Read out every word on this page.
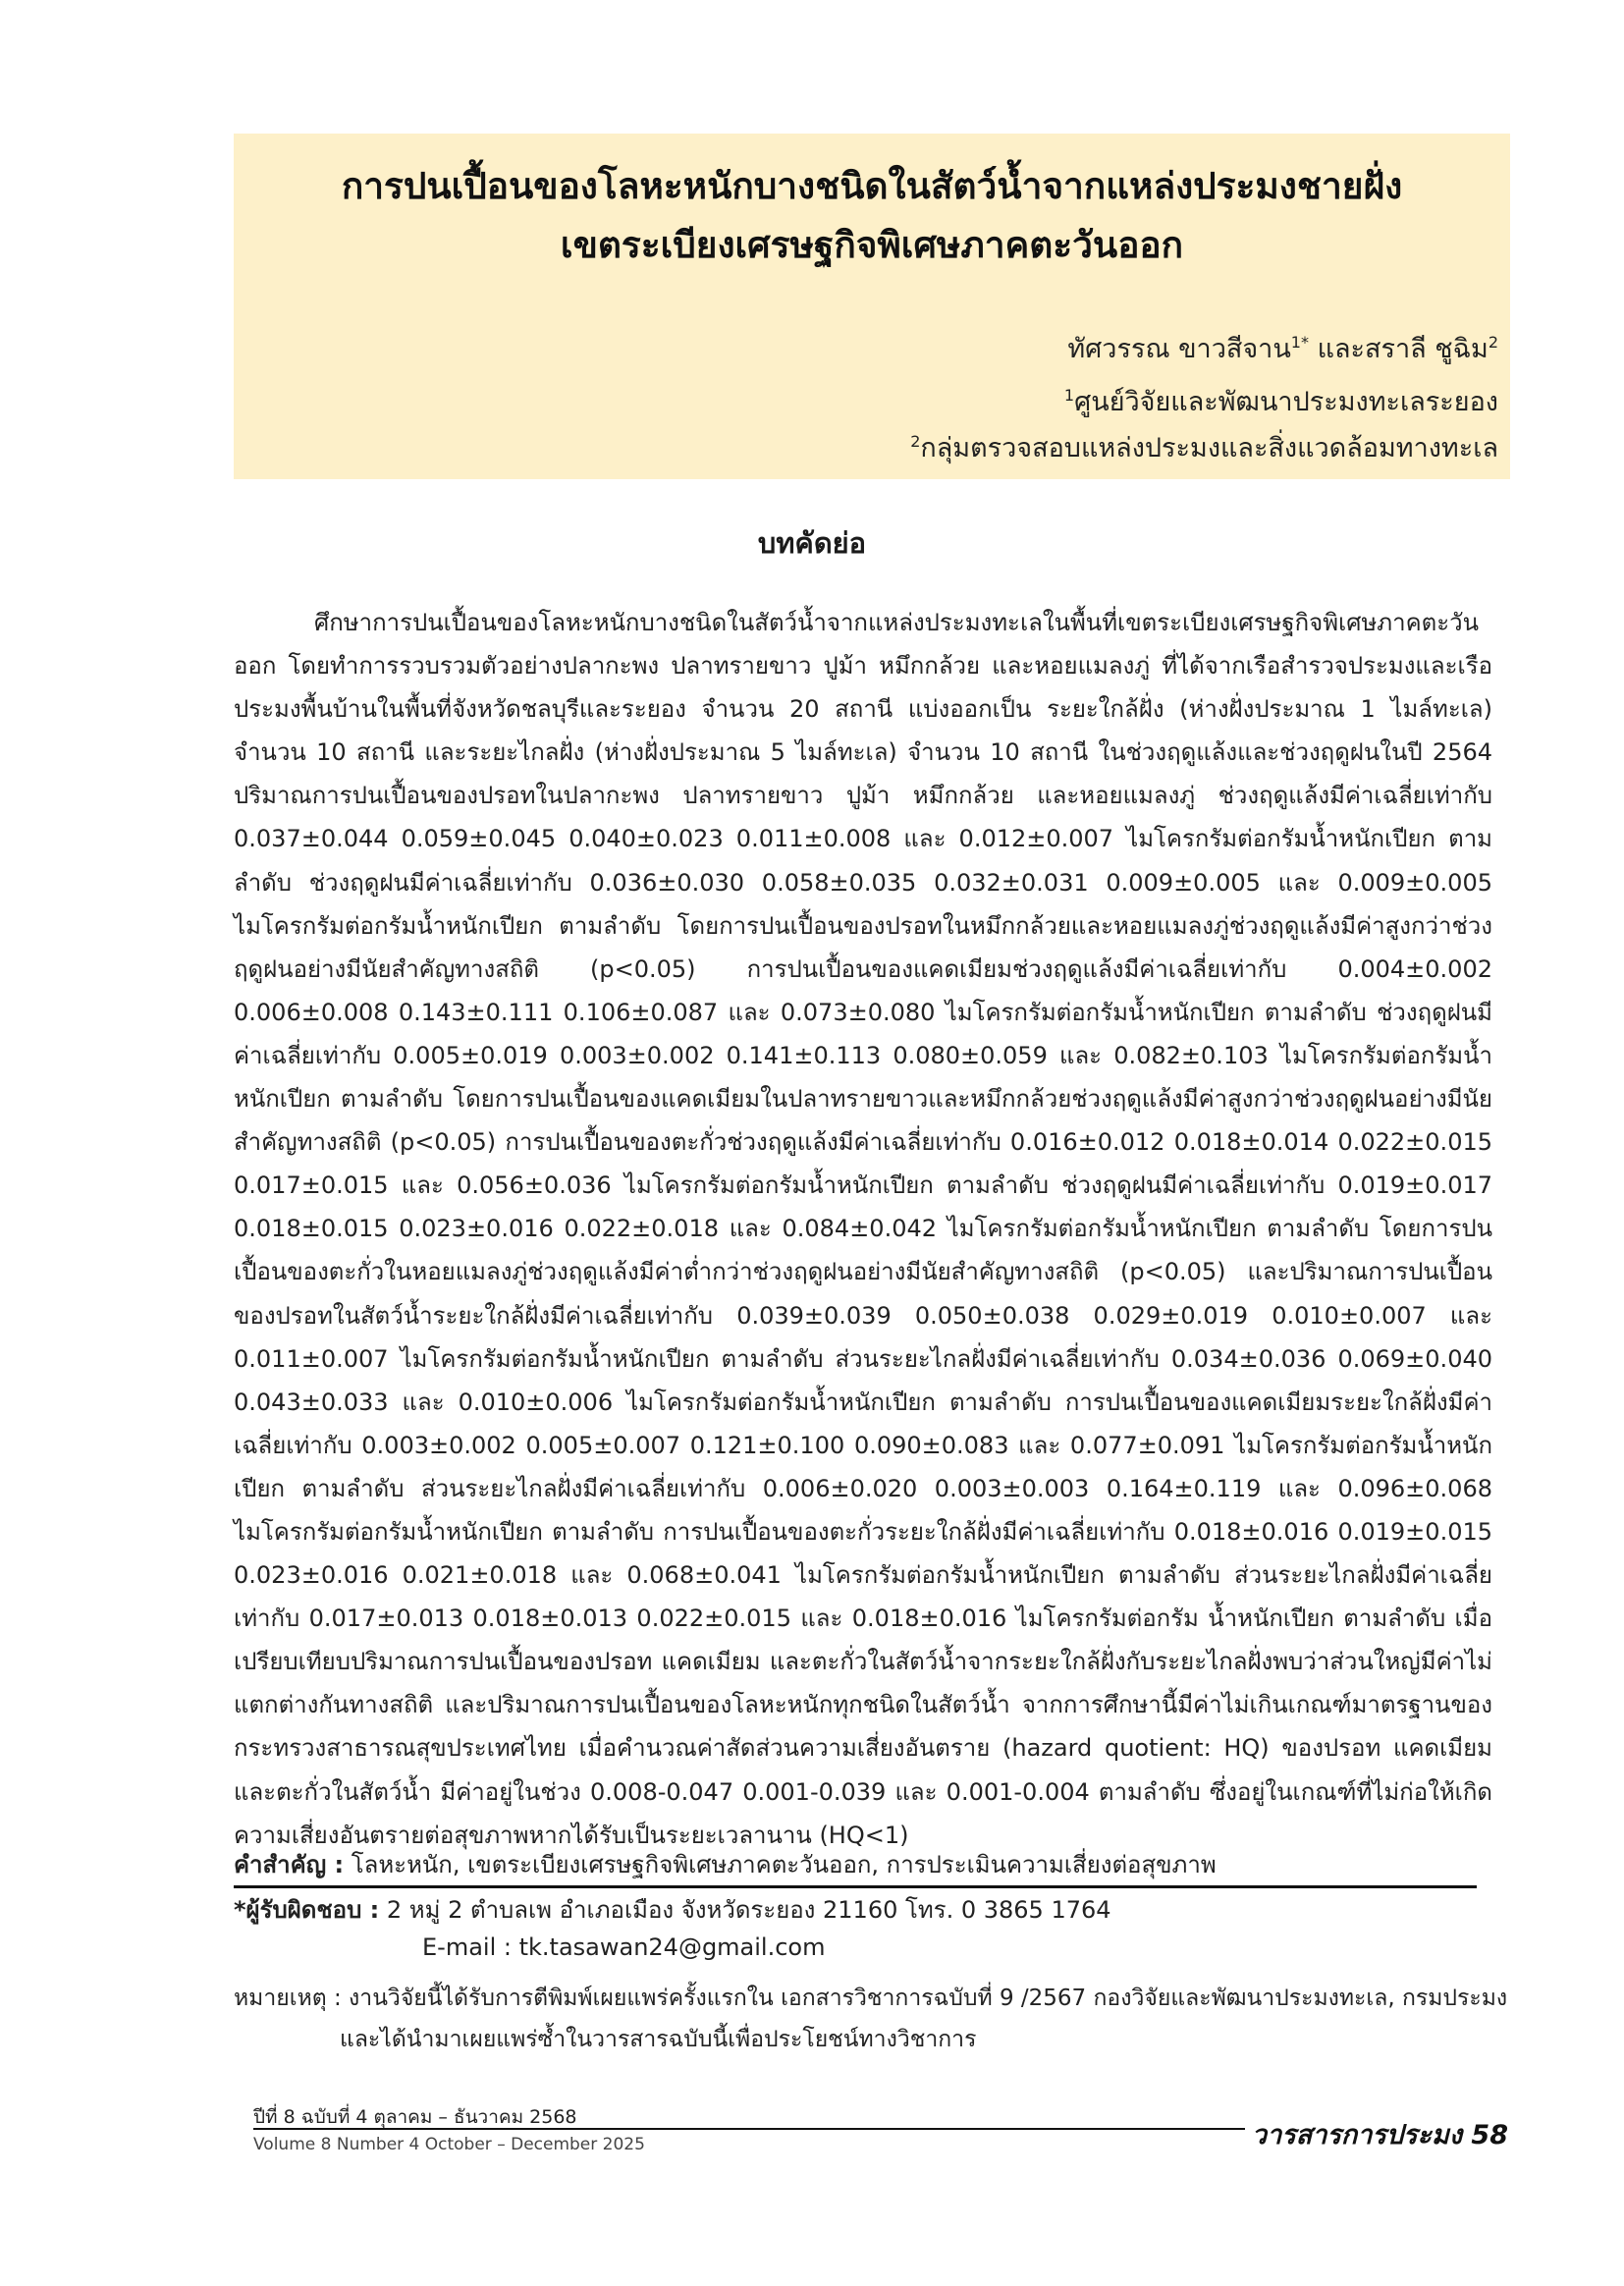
การปนเปื้อนของโลหะหนักบางชนิดในสัตว์น้ำจากแหล่งประมงชายฝั่ง
เขตระเบียงเศรษฐกิจพิเศษภาคตะวันออก
ทัศวรรณ ขาวสีจาน$^{1*}$ และสราลี ชูฉิม$^2$
$^1$ศูนย์วิจัยและพัฒนาประมงทะเลระยอง
$^2$กลุ่มตรวจสอบแหล่งประมงและสิ่งแวดล้อมทางทะเล
บทคัดย่อ
ศึกษาการปนเปื้อนของโลหะหนักบางชนิดในสัตว์น้ำจากแหล่งประมงทะเลในพื้นที่เขตระเบียงเศรษฐกิจพิเศษภาคตะวันออก โดยทำการรวบรวมตัวอย่างปลากะพง ปลาทรายขาว ปูม้า หมึกกล้วย และหอยแมลงภู่ ที่ได้จากเรือสำรวจประมงและเรือประมงพื้นบ้านในพื้นที่จังหวัดชลบุรีและระยอง จำนวน 20 สถานี แบ่งออกเป็น ระยะใกล้ฝั่ง (ห่างฝั่งประมาณ 1 ไมล์ทะเล) จำนวน 10 สถานี และระยะไกลฝั่ง (ห่างฝั่งประมาณ 5 ไมล์ทะเล) จำนวน 10 สถานี ในช่วงฤดูแล้งและช่วงฤดูฝนในปี 2564 ปริมาณการปนเปื้อนของปรอทในปลากะพง ปลาทรายขาว ปูม้า หมึกกล้วย และหอยแมลงภู่ ช่วงฤดูแล้งมีค่าเฉลี่ยเท่ากับ 0.037±0.044 0.059±0.045 0.040±0.023 0.011±0.008 และ 0.012±0.007 ไมโครกรัมต่อกรัมน้ำหนักเปียก ตามลำดับ ช่วงฤดูฝนมีค่าเฉลี่ยเท่ากับ 0.036±0.030 0.058±0.035 0.032±0.031 0.009±0.005 และ 0.009±0.005 ไมโครกรัมต่อกรัมน้ำหนักเปียก ตามลำดับ โดยการปนเปื้อนของปรอทในหมึกกล้วยและหอยแมลงภู่ช่วงฤดูแล้งมีค่าสูงกว่าช่วงฤดูฝนอย่างมีนัยสำคัญทางสถิติ (p<0.05) การปนเปื้อนของแคดเมียมช่วงฤดูแล้งมีค่าเฉลี่ยเท่ากับ 0.004±0.002 0.006±0.008 0.143±0.111 0.106±0.087 และ 0.073±0.080 ไมโครกรัมต่อกรัมน้ำหนักเปียก ตามลำดับ ช่วงฤดูฝนมีค่าเฉลี่ยเท่ากับ 0.005±0.019 0.003±0.002 0.141±0.113 0.080±0.059 และ 0.082±0.103 ไมโครกรัมต่อกรัมน้ำหนักเปียก ตามลำดับ โดยการปนเปื้อนของแคดเมียมในปลาทรายขาวและหมึกกล้วยช่วงฤดูแล้งมีค่าสูงกว่าช่วงฤดูฝนอย่างมีนัยสำคัญทางสถิติ (p<0.05) การปนเปื้อนของตะกั่วช่วงฤดูแล้งมีค่าเฉลี่ยเท่ากับ 0.016±0.012 0.018±0.014 0.022±0.015 0.017±0.015 และ 0.056±0.036 ไมโครกรัมต่อกรัมน้ำหนักเปียก ตามลำดับ ช่วงฤดูฝนมีค่าเฉลี่ยเท่ากับ 0.019±0.017 0.018±0.015 0.023±0.016 0.022±0.018 และ 0.084±0.042 ไมโครกรัมต่อกรัมน้ำหนักเปียก ตามลำดับ โดยการปนเปื้อนของตะกั่วในหอยแมลงภู่ช่วงฤดูแล้งมีค่าต่ำกว่าช่วงฤดูฝนอย่างมีนัยสำคัญทางสถิติ (p<0.05) และปริมาณการปนเปื้อนของปรอทในสัตว์น้ำระยะใกล้ฝั่งมีค่าเฉลี่ยเท่ากับ 0.039±0.039 0.050±0.038 0.029±0.019 0.010±0.007 และ 0.011±0.007 ไมโครกรัมต่อกรัมน้ำหนักเปียก ตามลำดับ ส่วนระยะไกลฝั่งมีค่าเฉลี่ยเท่ากับ 0.034±0.036 0.069±0.040 0.043±0.033 และ 0.010±0.006 ไมโครกรัมต่อกรัมน้ำหนักเปียก ตามลำดับ การปนเปื้อนของแคดเมียมระยะใกล้ฝั่งมีค่าเฉลี่ยเท่ากับ 0.003±0.002 0.005±0.007 0.121±0.100 0.090±0.083 และ 0.077±0.091 ไมโครกรัมต่อกรัมน้ำหนักเปียก ตามลำดับ ส่วนระยะไกลฝั่งมีค่าเฉลี่ยเท่ากับ 0.006±0.020 0.003±0.003 0.164±0.119 และ 0.096±0.068 ไมโครกรัมต่อกรัมน้ำหนักเปียก ตามลำดับ การปนเปื้อนของตะกั่วระยะใกล้ฝั่งมีค่าเฉลี่ยเท่ากับ 0.018±0.016 0.019±0.015 0.023±0.016 0.021±0.018 และ 0.068±0.041 ไมโครกรัมต่อกรัมน้ำหนักเปียก ตามลำดับ ส่วนระยะไกลฝั่งมีค่าเฉลี่ยเท่ากับ 0.017±0.013 0.018±0.013 0.022±0.015 และ 0.018±0.016 ไมโครกรัมต่อกรัม น้ำหนักเปียก ตามลำดับ เมื่อเปรียบเทียบปริมาณการปนเปื้อนของปรอท แคดเมียม และตะกั่วในสัตว์น้ำจากระยะใกล้ฝั่งกับระยะไกลฝั่งพบว่าส่วนใหญ่มีค่าไม่แตกต่างกันทางสถิติ และปริมาณการปนเปื้อนของโลหะหนักทุกชนิดในสัตว์น้ำ จากการศึกษานี้มีค่าไม่เกินเกณฑ์มาตรฐานของกระทรวงสาธารณสุขประเทศไทย เมื่อคำนวณค่าสัดส่วนความเสี่ยงอันตราย (hazard quotient: HQ) ของปรอท แคดเมียม และตะกั่วในสัตว์น้ำ มีค่าอยู่ในช่วง 0.008-0.047 0.001-0.039 และ 0.001-0.004 ตามลำดับ ซึ่งอยู่ในเกณฑ์ที่ไม่ก่อให้เกิดความเสี่ยงอันตรายต่อสุขภาพหากได้รับเป็นระยะเวลานาน (HQ<1)
คำสำคัญ : โลหะหนัก, เขตระเบียงเศรษฐกิจพิเศษภาคตะวันออก, การประเมินความเสี่ยงต่อสุขภาพ
*ผู้รับผิดชอบ : 2 หมู่ 2 ตำบลเพ อำเภอเมือง จังหวัดระยอง 21160 โทร. 0 3865 1764
E-mail : tk.tasawan24@gmail.com
หมายเหตุ : งานวิจัยนี้ได้รับการตีพิมพ์เผยแพร่ครั้งแรกใน เอกสารวิชาการฉบับที่ 9 /2567 กองวิจัยและพัฒนาประมงทะเล, กรมประมง
และได้นำมาเผยแพร่ซ้ำในวารสารฉบับนี้เพื่อประโยชน์ทางวิชาการ
ปีที่ 8 ฉบับที่ 4 ตุลาคม – ธันวาคม 2568
Volume 8 Number 4 October – December 2025	วารสารการประมง 58
